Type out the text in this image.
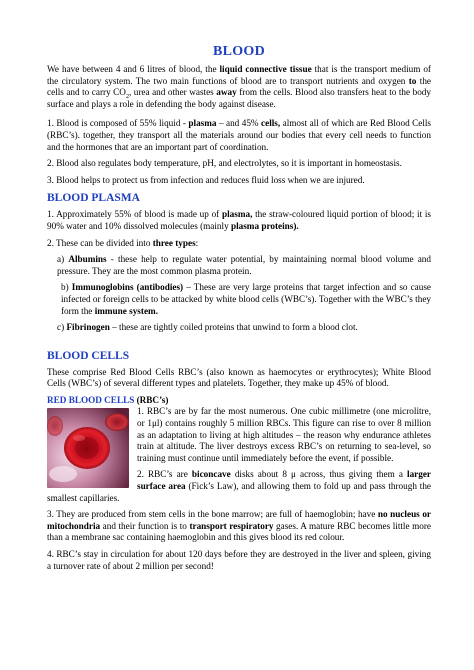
BLOOD

We have between 4 and 6 litres of blood, the liquid connective tissue that is the transport medium of the circulatory system. The two main functions of blood are to transport nutrients and oxygen to the cells and to carry $CO_2$, urea and other wastes away from the cells. Blood also transfers heat to the body surface and plays a role in defending the body against disease.

1. Blood is composed of 55% liquid - plasma – and 45% cells, almost all of which are Red Blood Cells (RBC’s). together, they transport all the materials around our bodies that every cell needs to function and the hormones that are an important part of coordination.

2. Blood also regulates body temperature, pH, and electrolytes, so it is important in homeostasis.

3. Blood helps to protect us from infection and reduces fluid loss when we are injured.

BLOOD PLASMA

1. Approximately 55% of blood is made up of plasma, the straw-coloured liquid portion of blood; it is 90% water and 10% dissolved molecules (mainly plasma proteins).

2. These can be divided into three types:

a) Albumins - these help to regulate water potential, by maintaining normal blood volume and pressure. They are the most common plasma protein.

b) Immunoglobins (antibodies) – These are very large proteins that target infection and so cause infected or foreign cells to be attacked by white blood cells (WBC’s). Together with the WBC’s they form the immune system.

c) Fibrinogen – these are tightly coiled proteins that unwind to form a blood clot.

BLOOD CELLS

These comprise Red Blood Cells RBC’s (also known as haemocytes or erythrocytes); White Blood Cells (WBC’s) of several different types and platelets. Together, they make up 45% of blood.

RED BLOOD CELLS (RBC’s)

1. RBC’s are by far the most numerous. One cubic millimetre (one microlitre, or 1μl) contains roughly 5 million RBCs. This figure can rise to over 8 million as an adaptation to living at high altitudes – the reason why endurance athletes train at altitude. The liver destroys excess RBC’s on returning to sea-level, so training must continue until immediately before the event, if possible.

2. RBC’s are biconcave disks about 8 μ across, thus giving them a larger surface area (Fick’s Law), and allowing them to fold up and pass through the smallest capillaries.

3. They are produced from stem cells in the bone marrow; are full of haemoglobin; have no nucleus or mitochondria and their function is to transport respiratory gases. A mature RBC becomes little more than a membrane sac containing haemoglobin and this gives blood its red colour.

4. RBC’s stay in circulation for about 120 days before they are destroyed in the liver and spleen, giving a turnover rate of about 2 million per second!
